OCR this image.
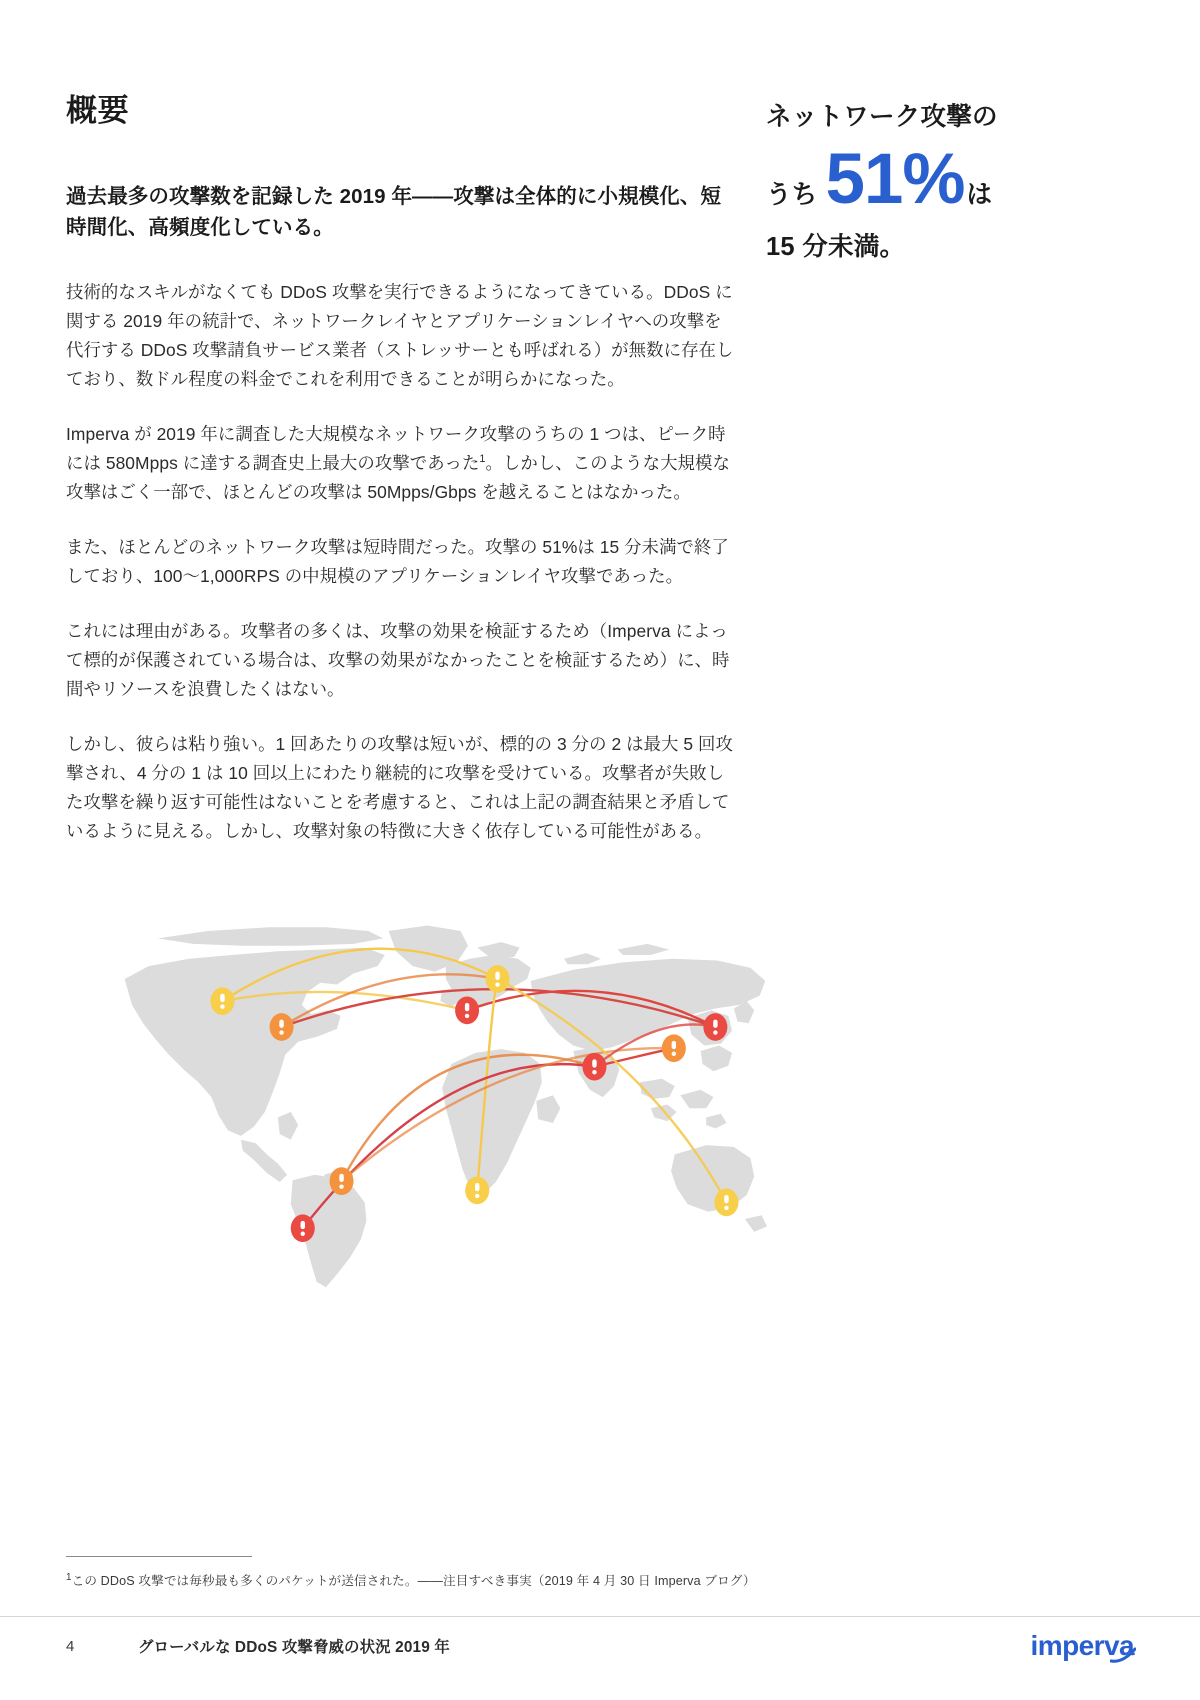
概要

過去最多の攻撃数を記録した 2019 年——攻撃は全体的に小規模化、短時間化、高頻度化している。

技術的なスキルがなくても DDoS 攻撃を実行できるようになってきている。DDoS に関する 2019 年の統計で、ネットワークレイヤとアプリケーションレイヤへの攻撃を代行する DDoS 攻撃請負サービス業者（ストレッサーとも呼ばれる）が無数に存在しており、数ドル程度の料金でこれを利用できることが明らかになった。

Imperva が 2019 年に調査した大規模なネットワーク攻撃のうちの 1 つは、ピーク時には 580Mpps に達する調査史上最大の攻撃であった$^1$。しかし、このような大規模な攻撃はごく一部で、ほとんどの攻撃は 50Mpps/Gbps を越えることはなかった。

また、ほとんどのネットワーク攻撃は短時間だった。攻撃の 51%は 15 分未満で終了しており、100〜1,000RPS の中規模のアプリケーションレイヤ攻撃であった。

これには理由がある。攻撃者の多くは、攻撃の効果を検証するため（Imperva によって標的が保護されている場合は、攻撃の効果がなかったことを検証するため）に、時間やリソースを浪費したくはない。

しかし、彼らは粘り強い。1 回あたりの攻撃は短いが、標的の 3 分の 2 は最大 5 回攻撃され、4 分の 1 は 10 回以上にわたり継続的に攻撃を受けている。攻撃者が失敗した攻撃を繰り返す可能性はないことを考慮すると、これは上記の調査結果と矛盾しているように見える。しかし、攻撃対象の特徴に大きく依存している可能性がある。

ネットワーク攻撃の
うち 51% は
15 分未満。
$^1$この DDoS 攻撃では毎秒最も多くのパケットが送信された。——注目すべき事実（2019 年 4 月 30 日 Imperva ブログ）
4	グローバルな DDoS 攻撃脅威の状況 2019 年	imperva
